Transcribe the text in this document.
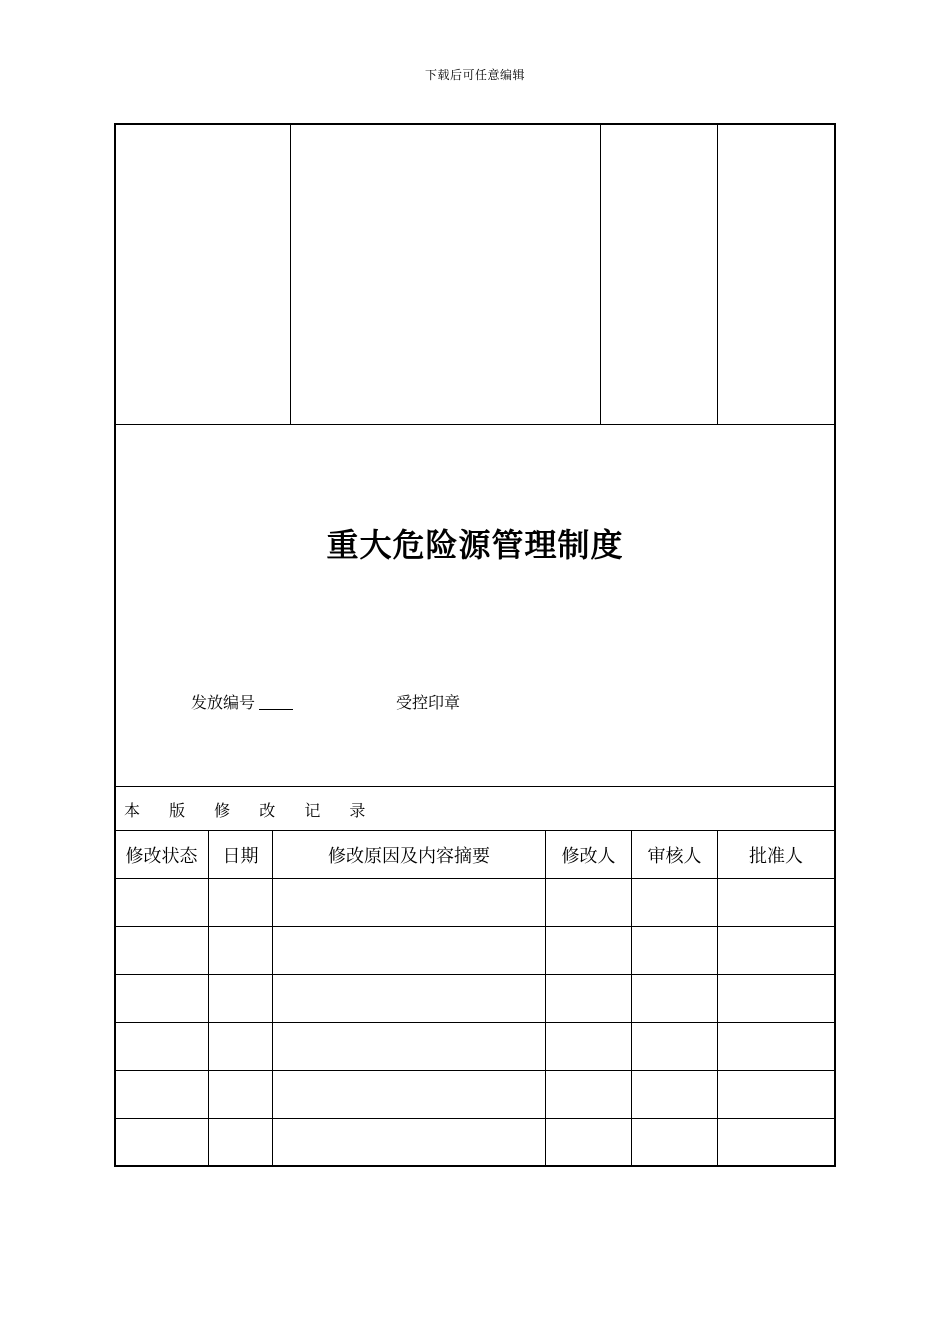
下载后可任意编辑
重大危险源管理制度
发放编号	受控印章
本 版 修 改 记 录
修改状态	日期	修改原因及内容摘要	修改人	审核人	批准人
